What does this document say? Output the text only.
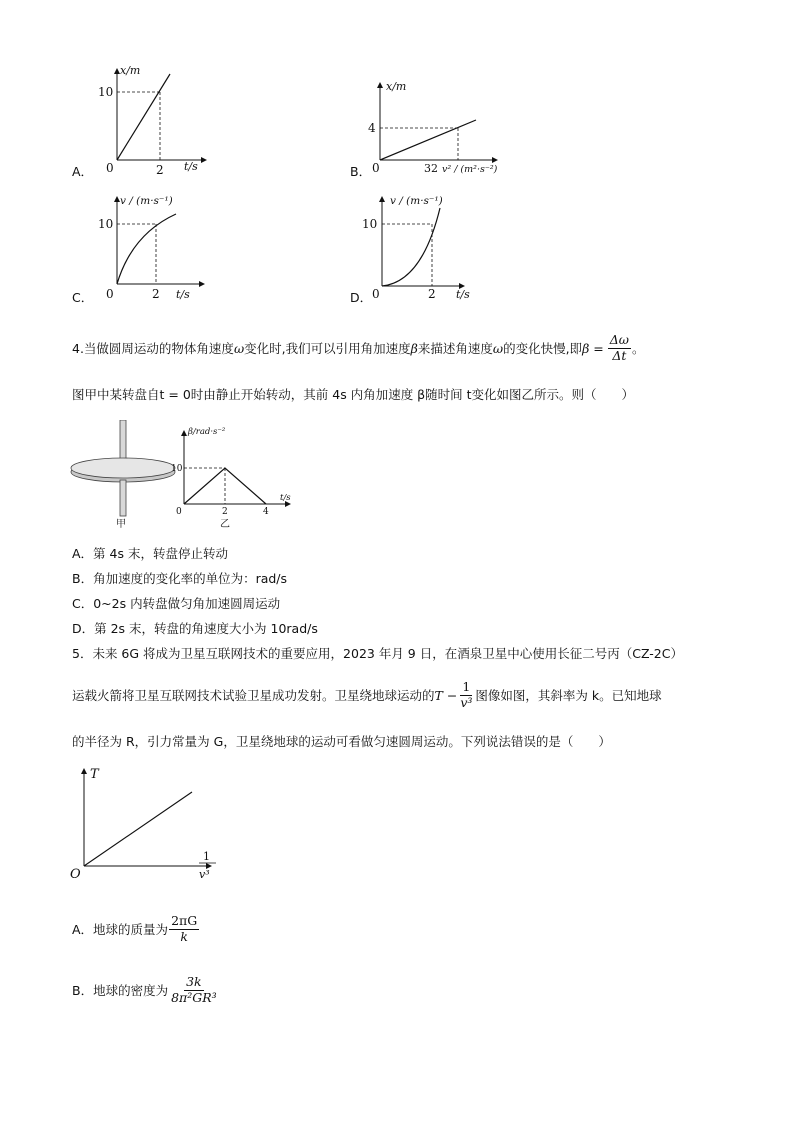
A．
x/m
10
0	2 t/s	B．
x/m
4
0	32 v² / (m²·s⁻²)
C．
v / (m·s⁻¹)
10
0	2 t/s	D．
v / (m·s⁻¹)
10
0	2 t/s
4.当做圆周运动的物体角速度 ω 变化时,我们可以引用角加速度 β 来描述角速度 ω 的变化快慢,即 $\beta = \frac{\Delta\omega}{\Delta t}$ 。
图甲中某转盘自t = 0时由静止开始转动，其前 4s 内角加速度 β随时间 t变化如图乙所示。则（　　）
甲
β/rad·s⁻²
10
0	2	4
t/s
乙
A．第 4s 末，转盘停止转动
B．角加速度的变化率的单位为：rad/s
C．0~2s 内转盘做匀角加速圆周运动
D．第 2s 末，转盘的角速度大小为 10rad/s
5．未来 6G 将成为卫星互联网技术的重要应用，2023 年月 9 日，在酒泉卫星中心使用长征二号丙（CZ-2C）
运载火箭将卫星互联网技术试验卫星成功发射。卫星绕地球运动的 $T - \frac{1}{\text{v³}}$ 图像如图，其斜率为 k。已知地球
的半径为 R，引力常量为 G，卫星绕地球的运动可看做匀速圆周运动。下列说法错误的是（　　）
T
O
1
v³
A．地球的质量为 $\frac{2\pi G}{k}$
B．地球的密度为 $\frac{3k}{\text{8π²GR³}}$
